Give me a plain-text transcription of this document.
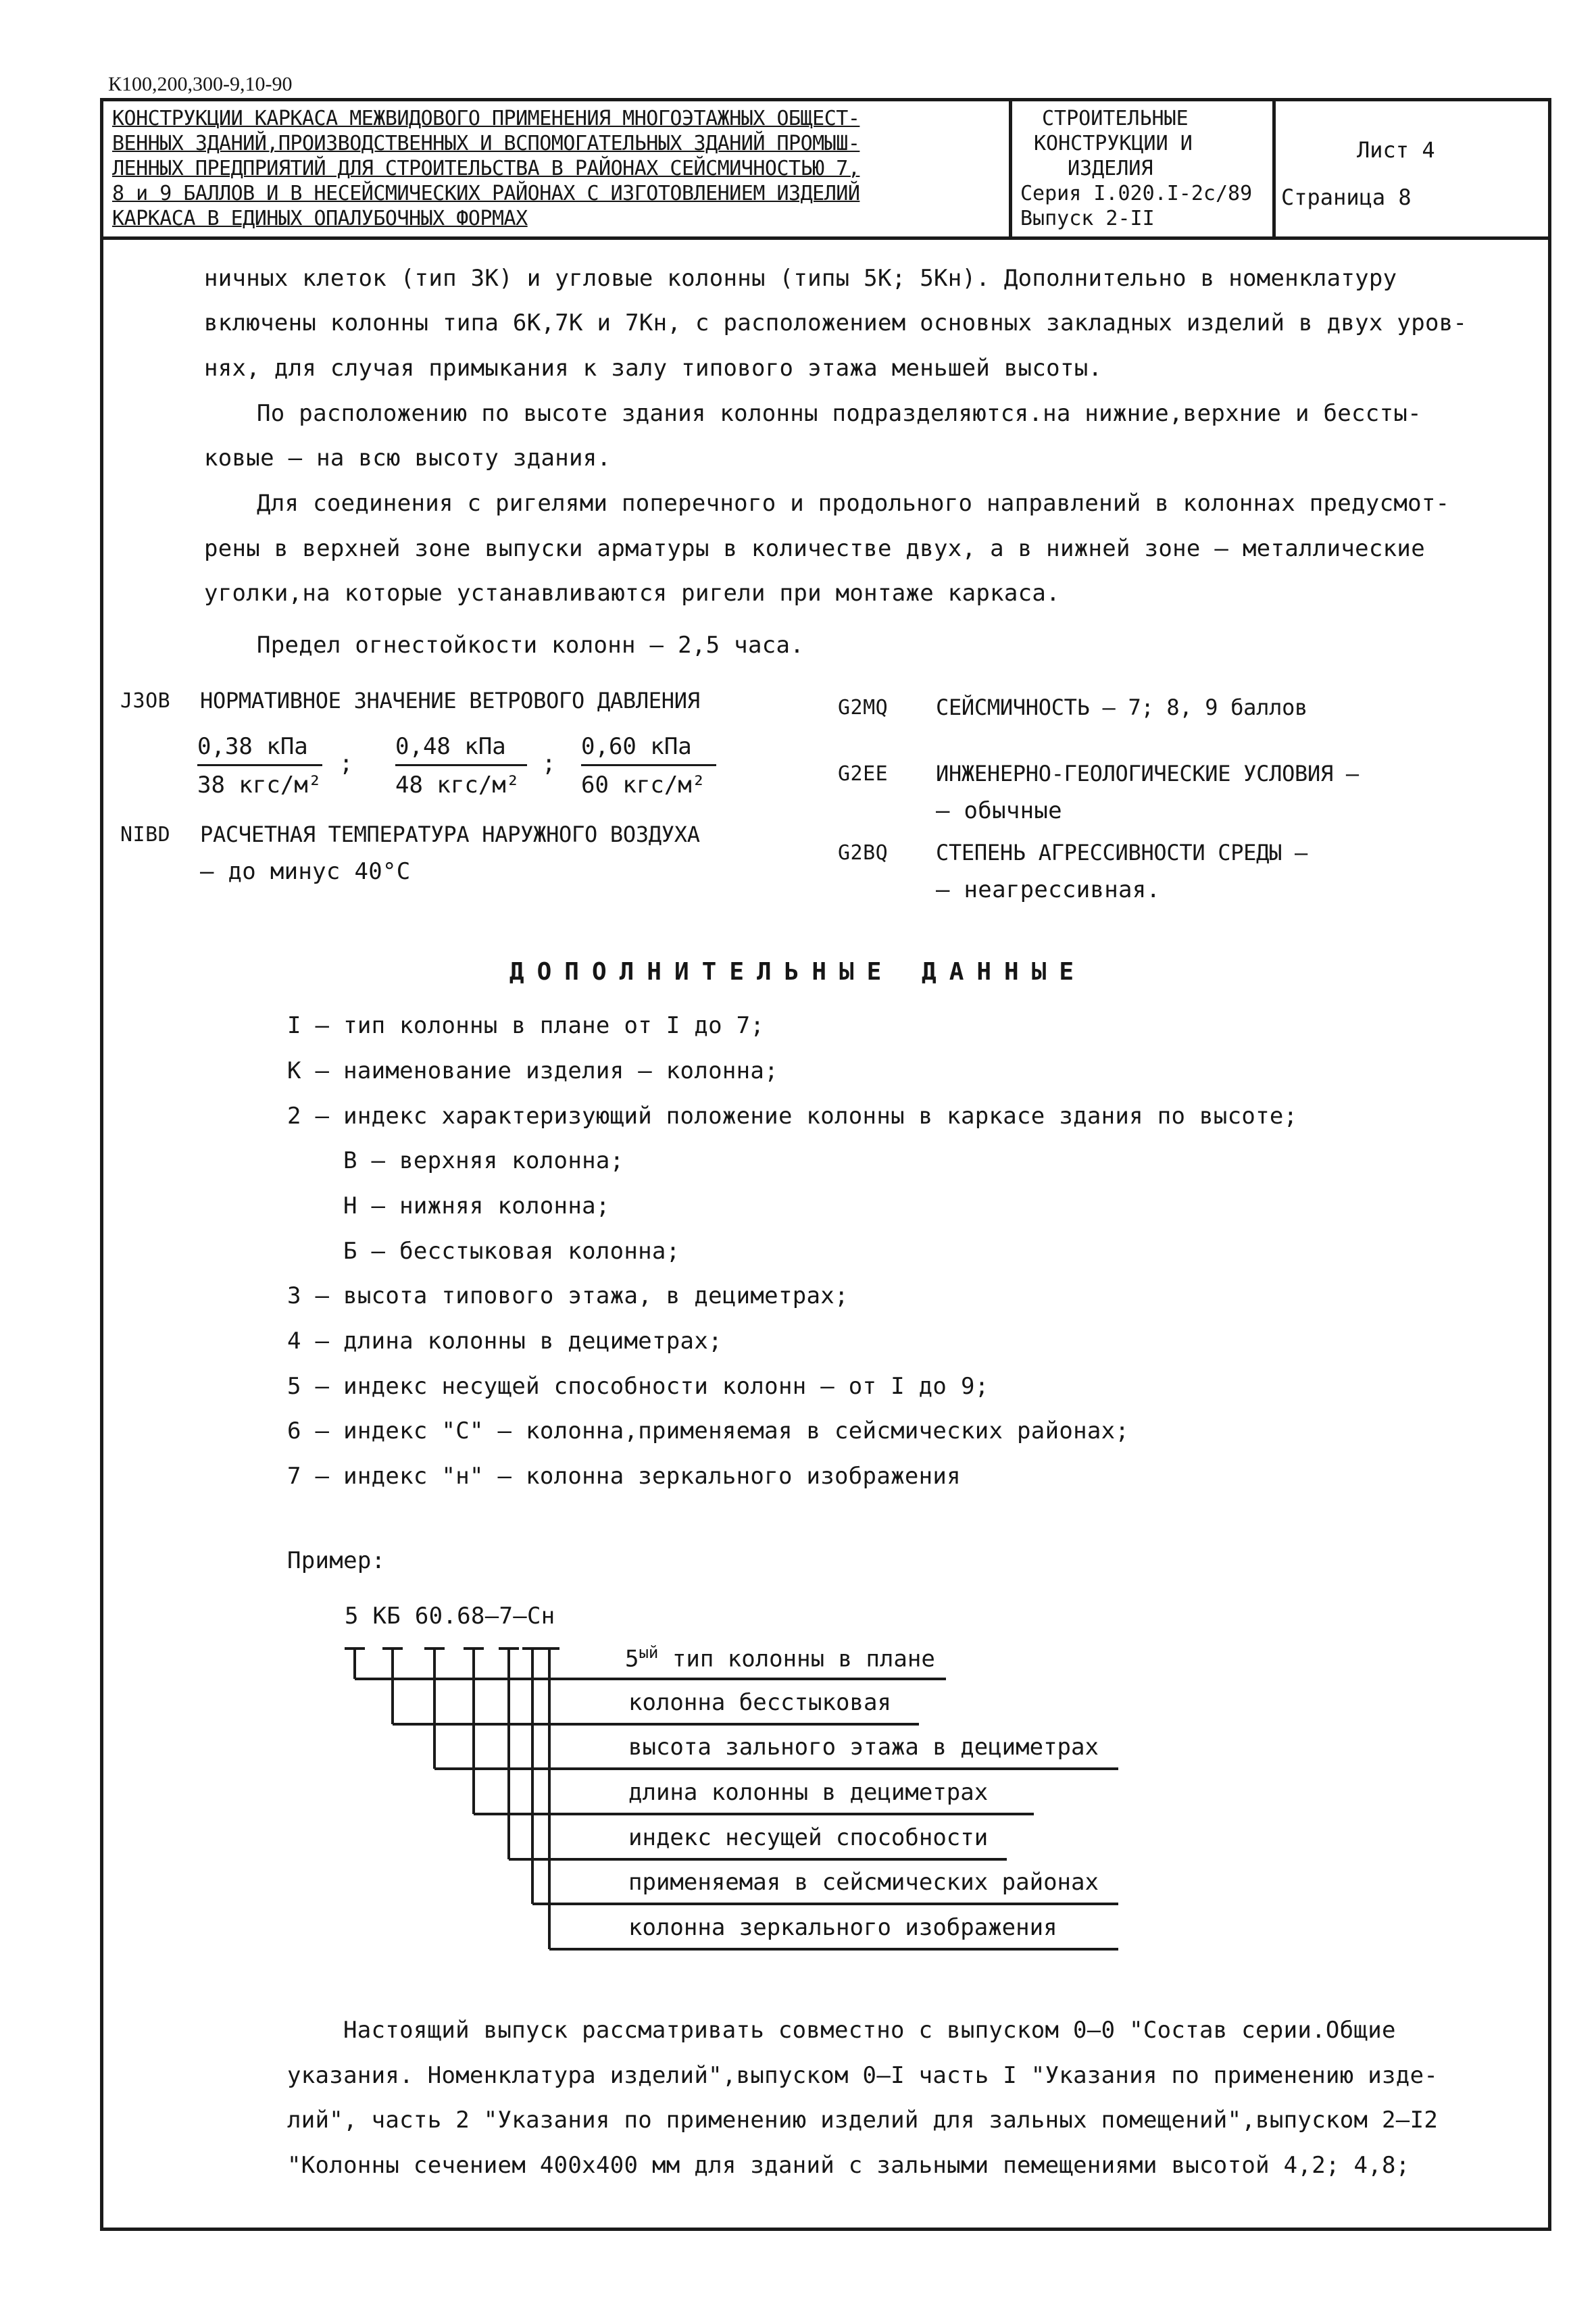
К100,200,300-9,10-90
КОНСТРУКЦИИ КАРКАСА МЕЖВИДОВОГО ПРИМЕНЕНИЯ МНОГОЭТАЖНЫХ ОБЩЕСТ-
ВЕННЫХ ЗДАНИЙ,ПРОИЗВОДСТВЕННЫХ И ВСПОМОГАТЕЛЬНЫХ ЗДАНИЙ ПРОМЫШ-
ЛЕННЫХ ПРЕДПРИЯТИЙ ДЛЯ СТРОИТЕЛЬСТВА В РАЙОНАХ СЕЙСМИЧНОСТЬЮ 7,
8 и 9 БАЛЛОВ И В НЕСЕЙСМИЧЕСКИХ РАЙОНАХ С ИЗГОТОВЛЕНИЕМ ИЗДЕЛИЙ
КАРКАСА В ЕДИНЫХ ОПАЛУБОЧНЫХ ФОРМАХ
СТРОИТЕЛЬНЫЕ
КОНСТРУКЦИИ И
ИЗДЕЛИЯ
Серия I.020.I-2с/89
Выпуск 2-II
Лист 4
Страница 8
ничных клеток (тип 3К) и угловые колонны (типы 5К; 5Кн). Дополнительно в номенклатуру
включены колонны типа 6К,7К и 7Кн, с расположением основных закладных изделий в двух уров-
нях, для случая примыкания к залу типового этажа меньшей высоты.
По расположению по высоте здания колонны подразделяются.на нижние,верхние и бессты-
ковые – на всю высоту здания.
Для соединения с ригелями поперечного и продольного направлений в колоннах предусмот-
рены в верхней зоне выпуски арматуры в количестве двух, а в нижней зоне – металлические
уголки,на которые устанавливаются ригели при монтаже каркаса.
Предел огнестойкости колонн – 2,5 часа.
J3OB НОРМАТИВНОЕ ЗНАЧЕНИЕ ВЕТРОВОГО ДАВЛЕНИЯ
0,38 кПа
38 кгс/м²
;
0,48 кПа
48 кгс/м²
;
0,60 кПа
60 кгс/м²
NIBD РАСЧЕТНАЯ ТЕМПЕРАТУРА НАРУЖНОГО ВОЗДУХА
– до минус 40°С
G2MQ СЕЙСМИЧНОСТЬ – 7; 8, 9 баллов
G2EE ИНЖЕНЕРНО-ГЕОЛОГИЧЕСКИЕ УСЛОВИЯ –
– обычные
G2BQ СТЕПЕНЬ АГРЕССИВНОСТИ СРЕДЫ –
– неагрессивная.
ДОПОЛНИТЕЛЬНЫЕ ДАННЫЕ
I – тип колонны в плане от I до 7;
К – наименование изделия – колонна;
2 – индекс характеризующий положение колонны в каркасе здания по высоте;
В – верхняя колонна;
Н – нижняя колонна;
Б – бесстыковая колонна;
3 – высота типового этажа, в дециметрах;
4 – длина колонны в дециметрах;
5 – индекс несущей способности колонн – от I до 9;
6 – индекс "С" – колонна,применяемая в сейсмических районах;
7 – индекс "н" – колонна зеркального изображения
Пример:
5 КБ 60.68–7–Сн
$5^{ый}$ тип колонны в плане
колонна бесстыковая
высота зального этажа в дециметрах
длина колонны в дециметрах
индекс несущей способности
применяемая в сейсмических районах
колонна зеркального изображения
Настоящий выпуск рассматривать совместно с выпуском 0–0 "Состав серии.Общие
указания. Номенклатура изделий",выпуском 0–I часть I "Указания по применению изде-
лий", часть 2 "Указания по применению изделий для зальных помещений",выпуском 2–I2
"Колонны сечением 400х400 мм для зданий с зальными пемещениями высотой 4,2; 4,8;
